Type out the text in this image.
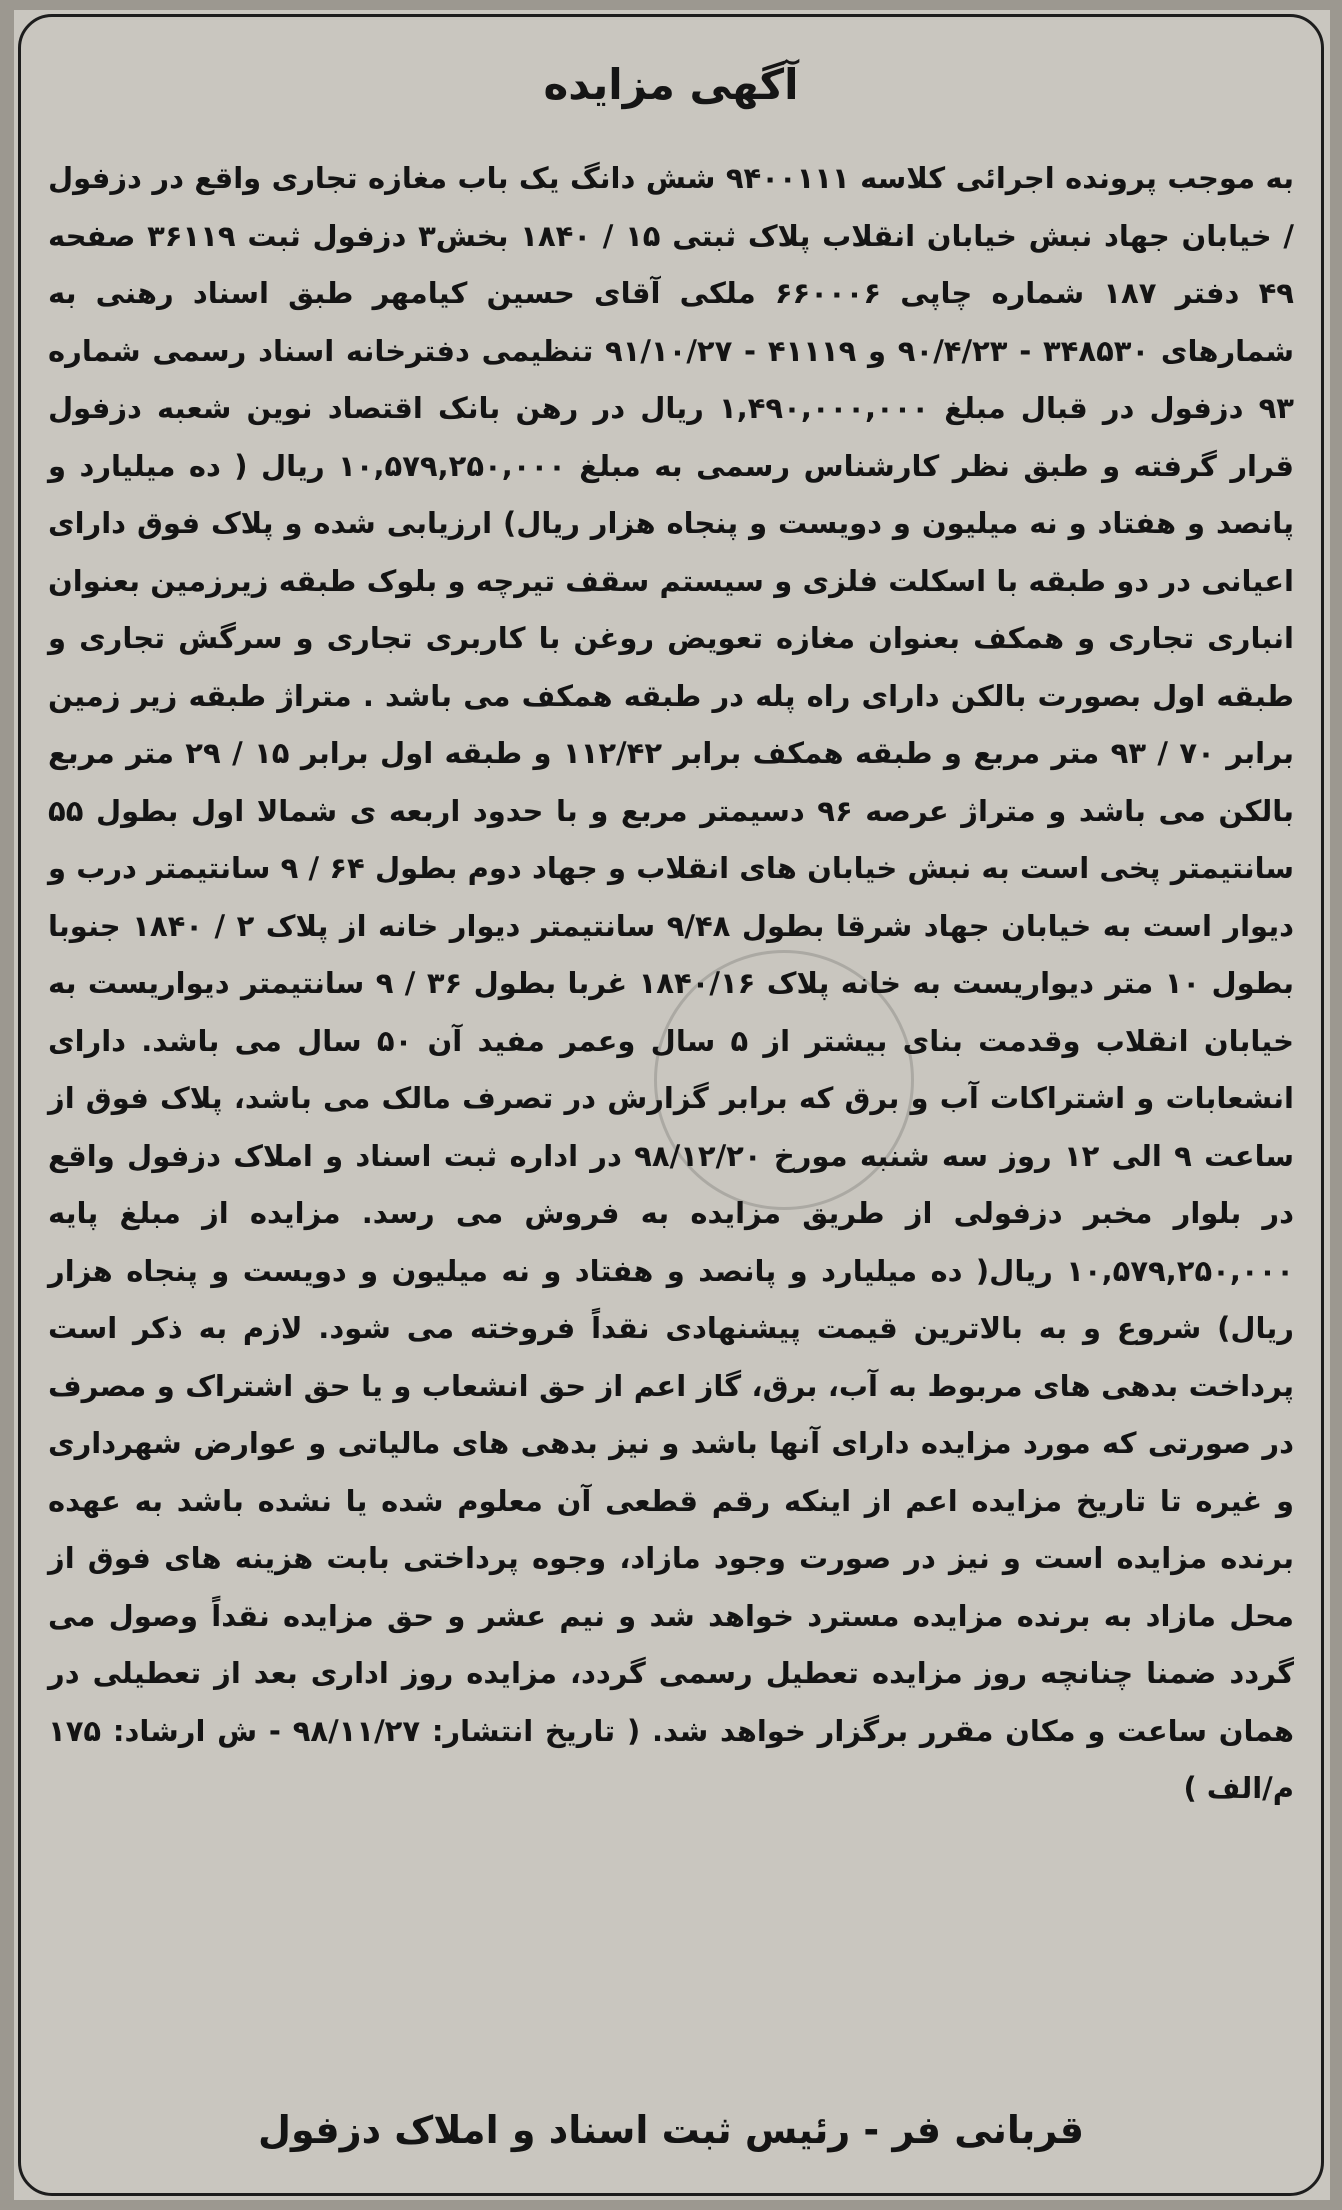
آگهی مزایده

به موجب پرونده اجرائی کلاسه ۹۴۰۰۱۱۱ شش دانگ یک باب مغازه تجاری واقع در دزفول / خیابان جهاد نبش خیابان انقلاب پلاک ثبتی ۱۵ / ۱۸۴۰ بخش۳ دزفول ثبت ۳۶۱۱۹ صفحه ۴۹ دفتر ۱۸۷ شماره چاپی ۶۶۰۰۰۶ ملکی آقای حسین کیامهر طبق اسناد رهنی به شمارهای ۳۴۸۵۳۰ - ۹۰/۴/۲۳ و ۴۱۱۱۹ - ۹۱/۱۰/۲۷ تنظیمی دفترخانه اسناد رسمی شماره ۹۳ دزفول در قبال مبلغ ۱,۴۹۰,۰۰۰,۰۰۰ ریال در رهن بانک اقتصاد نوین شعبه دزفول قرار گرفته و طبق نظر کارشناس رسمی به مبلغ ۱۰,۵۷۹,۲۵۰,۰۰۰ ریال ( ده میلیارد و پانصد و هفتاد و نه میلیون و دویست و پنجاه هزار ریال) ارزیابی شده و پلاک فوق دارای اعیانی در دو طبقه با اسکلت فلزی و سیستم سقف تیرچه و بلوک طبقه زیرزمین بعنوان انباری تجاری و همکف بعنوان مغازه تعویض روغن با کاربری تجاری و سرگش تجاری و طبقه اول بصورت بالکن دارای راه پله در طبقه همکف می باشد . متراژ طبقه زیر زمین برابر ۷۰ / ۹۳ متر مربع و طبقه همکف برابر ۱۱۲/۴۲ و طبقه اول برابر ۱۵ / ۲۹ متر مربع بالکن می باشد و متراژ عرصه ۹۶ دسیمتر مربع و با حدود اربعه ی شمالا اول بطول ۵۵ سانتیمتر پخی است به نبش خیابان های انقلاب و جهاد دوم بطول ۶۴ / ۹ سانتیمتر درب و دیوار است به خیابان جهاد شرقا بطول ۹/۴۸ سانتیمتر دیوار خانه از پلاک ۲ / ۱۸۴۰ جنوبا بطول ۱۰ متر دیواریست به خانه پلاک ۱۸۴۰/۱۶ غربا بطول ۳۶ / ۹ سانتیمتر دیواریست به خیابان انقلاب وقدمت بنای بیشتر از ۵ سال وعمر مفید آن ۵۰ سال می باشد. دارای انشعابات و اشتراکات آب و برق که برابر گزارش در تصرف مالک می باشد، پلاک فوق از ساعت ۹ الی ۱۲ روز سه شنبه مورخ ۹۸/۱۲/۲۰ در اداره ثبت اسناد و املاک دزفول واقع در بلوار مخبر دزفولی از طریق مزایده به فروش می رسد. مزایده از مبلغ پایه ۱۰,۵۷۹,۲۵۰,۰۰۰ ریال( ده میلیارد و پانصد و هفتاد و نه میلیون و دویست و پنجاه هزار ریال) شروع و به بالاترین قیمت پیشنهادی نقداً فروخته می شود. لازم به ذکر است پرداخت بدهی های مربوط به آب، برق، گاز اعم از حق انشعاب و یا حق اشتراک و مصرف در صورتی که مورد مزایده دارای آنها باشد و نیز بدهی های مالیاتی و عوارض شهرداری و غیره تا تاریخ مزایده اعم از اینکه رقم قطعی آن معلوم شده یا نشده باشد به عهده برنده مزایده است و نیز در صورت وجود مازاد، وجوه پرداختی بابت هزینه های فوق از محل مازاد به برنده مزایده مسترد خواهد شد و نیم عشر و حق مزایده نقداً وصول می گردد ضمنا چنانچه روز مزایده تعطیل رسمی گردد، مزایده روز اداری بعد از تعطیلی در همان ساعت و مکان مقرر برگزار خواهد شد. ( تاریخ انتشار: ۹۸/۱۱/۲۷ - ش ارشاد: ۱۷۵ م/الف )

قربانی فر - رئیس ثبت اسناد و املاک دزفول
